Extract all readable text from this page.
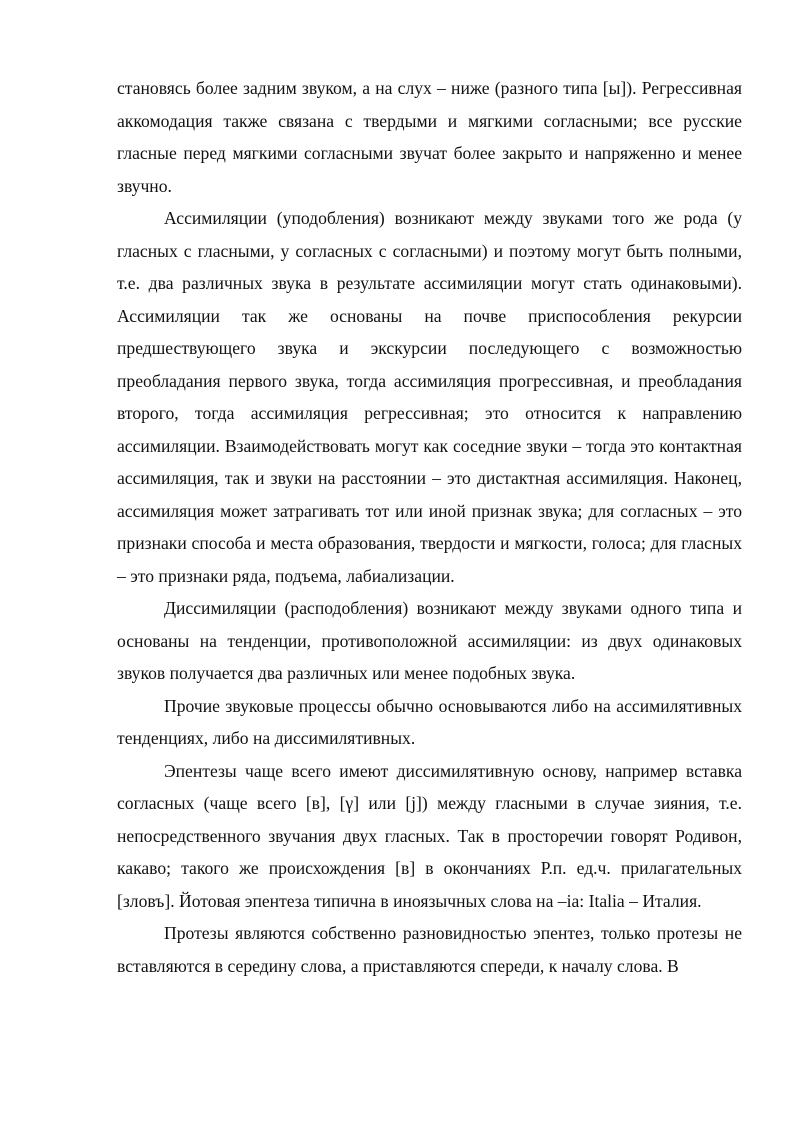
становясь более задним звуком, а на слух – ниже (разного типа [ы]). Регрессивная аккомодация также связана с твердыми и мягкими согласными; все русские гласные перед мягкими согласными звучат более закрыто и напряженно и менее звучно.

Ассимиляции (уподобления) возникают между звуками того же рода (у гласных с гласными, у согласных с согласными) и поэтому могут быть полными, т.е. два различных звука в результате ассимиляции могут стать одинаковыми). Ассимиляции так же основаны на почве приспособления рекурсии предшествующего звука и экскурсии последующего с возможностью преобладания первого звука, тогда ассимиляция прогрессивная, и преобладания второго, тогда ассимиляция регрессивная; это относится к направлению ассимиляции. Взаимодействовать могут как соседние звуки – тогда это контактная ассимиляция, так и звуки на расстоянии – это дистактная ассимиляция. Наконец, ассимиляция может затрагивать тот или иной признак звука; для согласных – это признаки способа и места образования, твердости и мягкости, голоса; для гласных – это признаки ряда, подъема, лабиализации.

Диссимиляции (расподобления) возникают между звуками одного типа и основаны на тенденции, противоположной ассимиляции: из двух одинаковых звуков получается два различных или менее подобных звука.

Прочие звуковые процессы обычно основываются либо на ассимилятивных тенденциях, либо на диссимилятивных.

Эпентезы чаще всего имеют диссимилятивную основу, например вставка согласных (чаще всего [в], [γ] или [j]) между гласными в случае зияния, т.е. непосредственного звучания двух гласных. Так в просторечии говорят Родивон, какаво; такого же происхождения [в] в окончаниях Р.п. ед.ч. прилагательных [зловъ]. Йотовая эпентеза типична в иноязычных слова на –ia: Italia – Италия.

Протезы являются собственно разновидностью эпентез, только протезы не вставляются в середину слова, а приставляются спереди, к началу слова. В
